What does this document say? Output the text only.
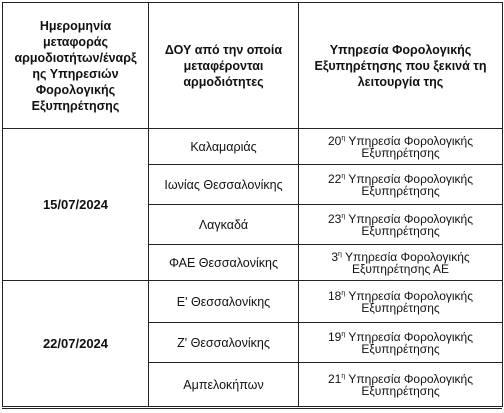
Ημερομηνία μεταφοράς αρμοδιοτήτων/έναρξ ης Υπηρεσιών Φορολογικής Εξυπηρέτησης	ΔΟΥ από την οποία μεταφέρονται αρμοδιότητες	Υπηρεσία Φορολογικής Εξυπηρέτησης που ξεκινά τη λειτουργία της
15/07/2024	Καλαμαριάς	$20^\eta$ Υπηρεσία Φορολογικής Εξυπηρέτησης
	Ιωνίας Θεσσαλονίκης	$22^\eta$ Υπηρεσία Φορολογικής Εξυπηρέτησης
	Λαγκαδά	$23^\eta$ Υπηρεσία Φορολογικής Εξυπηρέτησης
	ΦΑΕ Θεσσαλονίκης	$3^\eta$ Υπηρεσία Φορολογικής Εξυπηρέτησης ΑΕ
22/07/2024	Ε' Θεσσαλονίκης	$18^\eta$ Υπηρεσία Φορολογικής Εξυπηρέτησης
	Ζ' Θεσσαλονίκης	$19^\eta$ Υπηρεσία Φορολογικής Εξυπηρέτησης
	Αμπελοκήπων	$21^\eta$ Υπηρεσία Φορολογικής Εξυπηρέτησης
